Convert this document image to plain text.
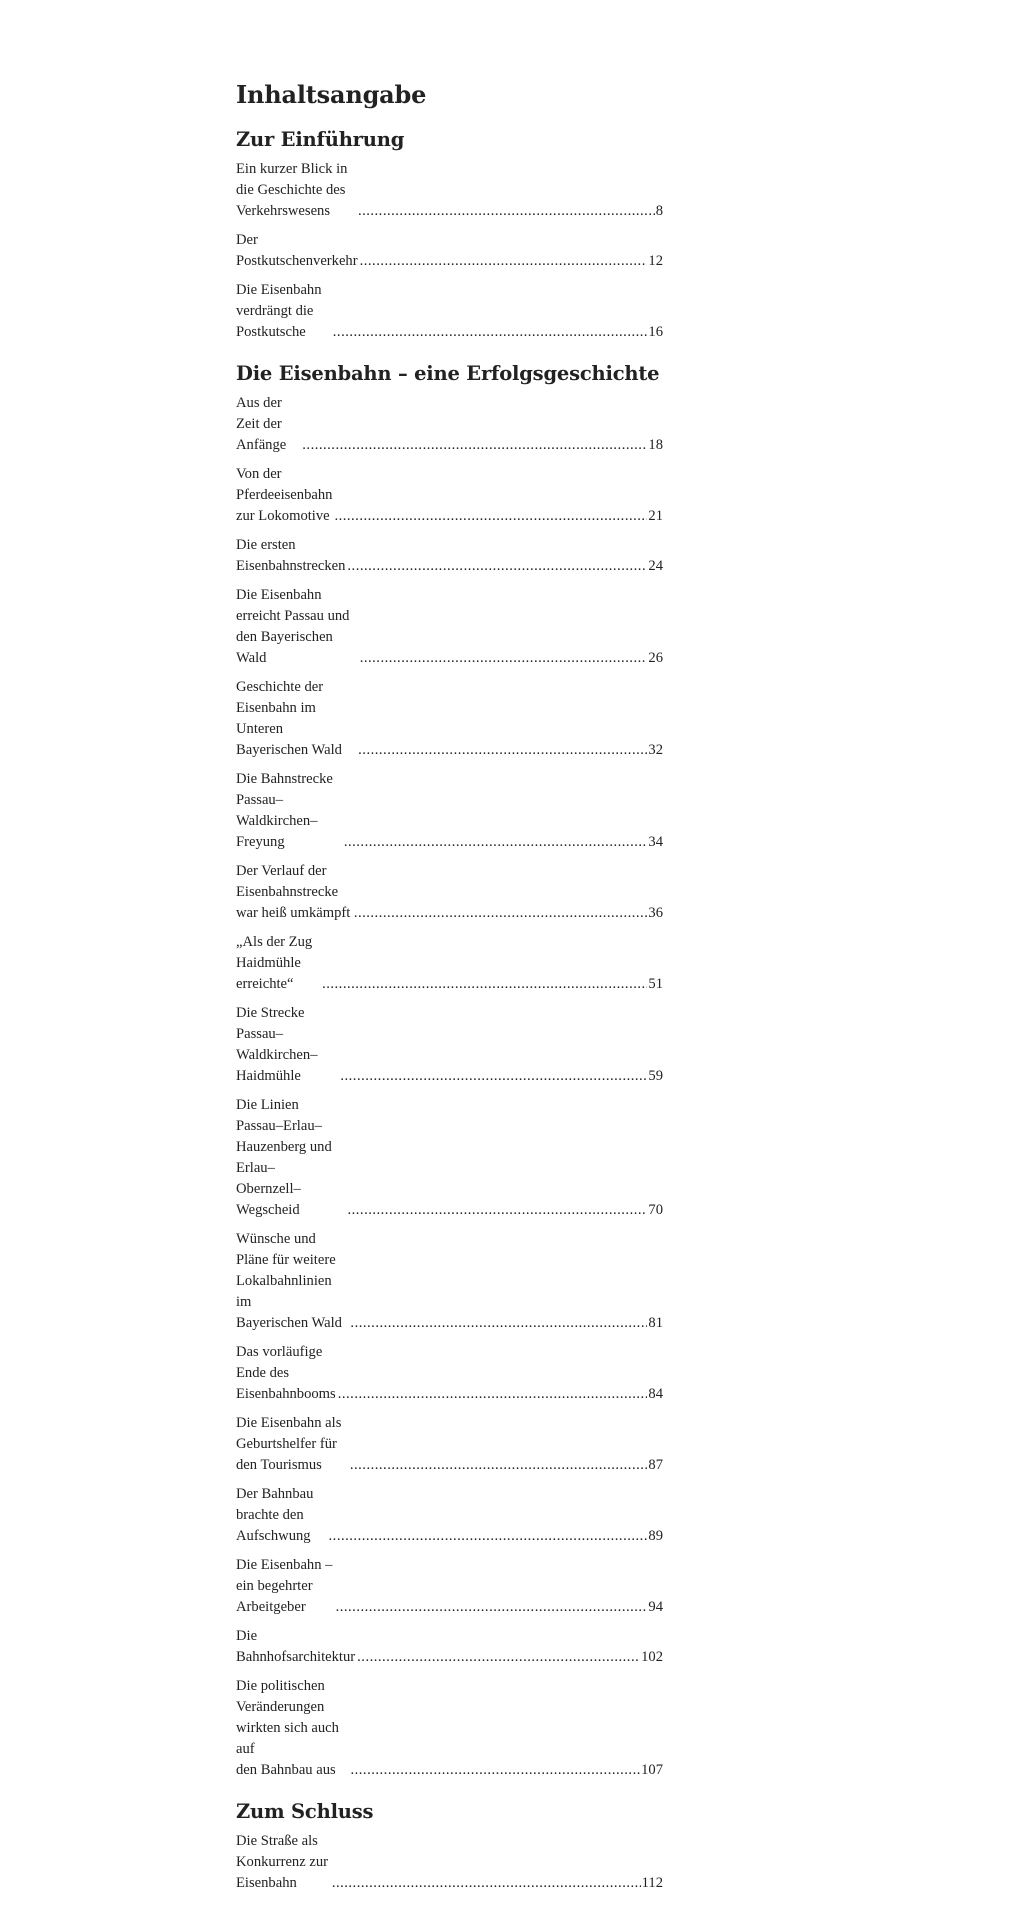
Inhaltsangabe
Zur Einführung
Ein kurzer Blick in die Geschichte des Verkehrswesens .....	8
Der Postkutschenverkehr .....	12
Die Eisenbahn verdrängt die Postkutsche .....	16
Die Eisenbahn – eine Erfolgsgeschichte
Aus der Zeit der Anfänge .....	18
Von der Pferdeeisenbahn zur Lokomotive .....	21
Die ersten Eisenbahnstrecken .....	24
Die Eisenbahn erreicht Passau und den Bayerischen Wald .....	26
Geschichte der Eisenbahn im Unteren Bayerischen Wald .....	32
Die Bahnstrecke Passau–Waldkirchen–Freyung .....	34
Der Verlauf der Eisenbahnstrecke war heiß umkämpft .....	36
„Als der Zug Haidmühle erreichte“ .....	51
Die Strecke Passau–Waldkirchen–Haidmühle .....	59
Die Linien Passau–Erlau–Hauzenberg und Erlau–
Obernzell–Wegscheid .....	70
Wünsche und Pläne für weitere Lokalbahnlinien im
Bayerischen Wald .....	81
Das vorläufige Ende des Eisenbahnbooms .....	84
Die Eisenbahn als Geburtshelfer für den Tourismus .....	87
Der Bahnbau brachte den Aufschwung .....	89
Die Eisenbahn – ein begehrter Arbeitgeber .....	94
Die Bahnhofsarchitektur .....	102
Die politischen Veränderungen wirkten sich auch auf
den Bahnbau aus .....	107
Zum Schluss
Die Straße als Konkurrenz zur Eisenbahn .....	112
